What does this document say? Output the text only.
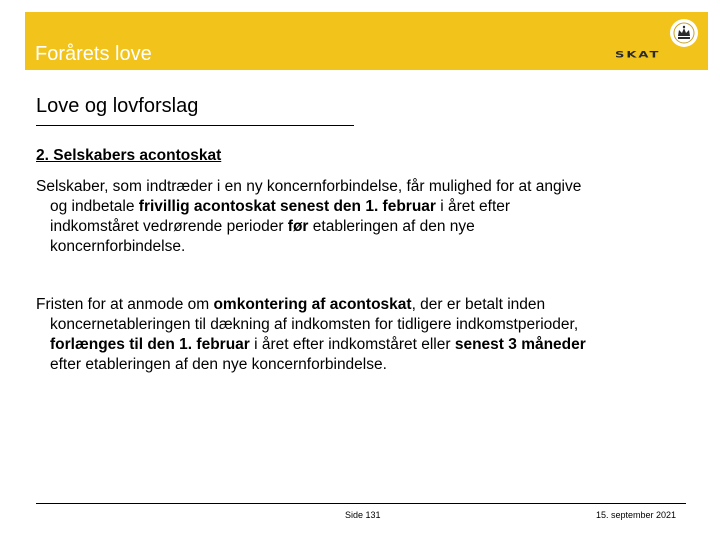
Forårets love	SKAT
Love og lovforslag
2. Selskabers acontoskat
Selskaber, som indtræder i en ny koncernforbindelse, får mulighed for at angive
og indbetale frivillig acontoskat senest den 1. februar i året efter
indkomståret vedrørende perioder før etableringen af den nye
koncernforbindelse.
Fristen for at anmode om omkontering af acontoskat, der er betalt inden
koncernetableringen til dækning af indkomsten for tidligere indkomstperioder,
forlænges til den 1. februar i året efter indkomståret eller senest 3 måneder
efter etableringen af den nye koncernforbindelse.
Side 131	15. september 2021
